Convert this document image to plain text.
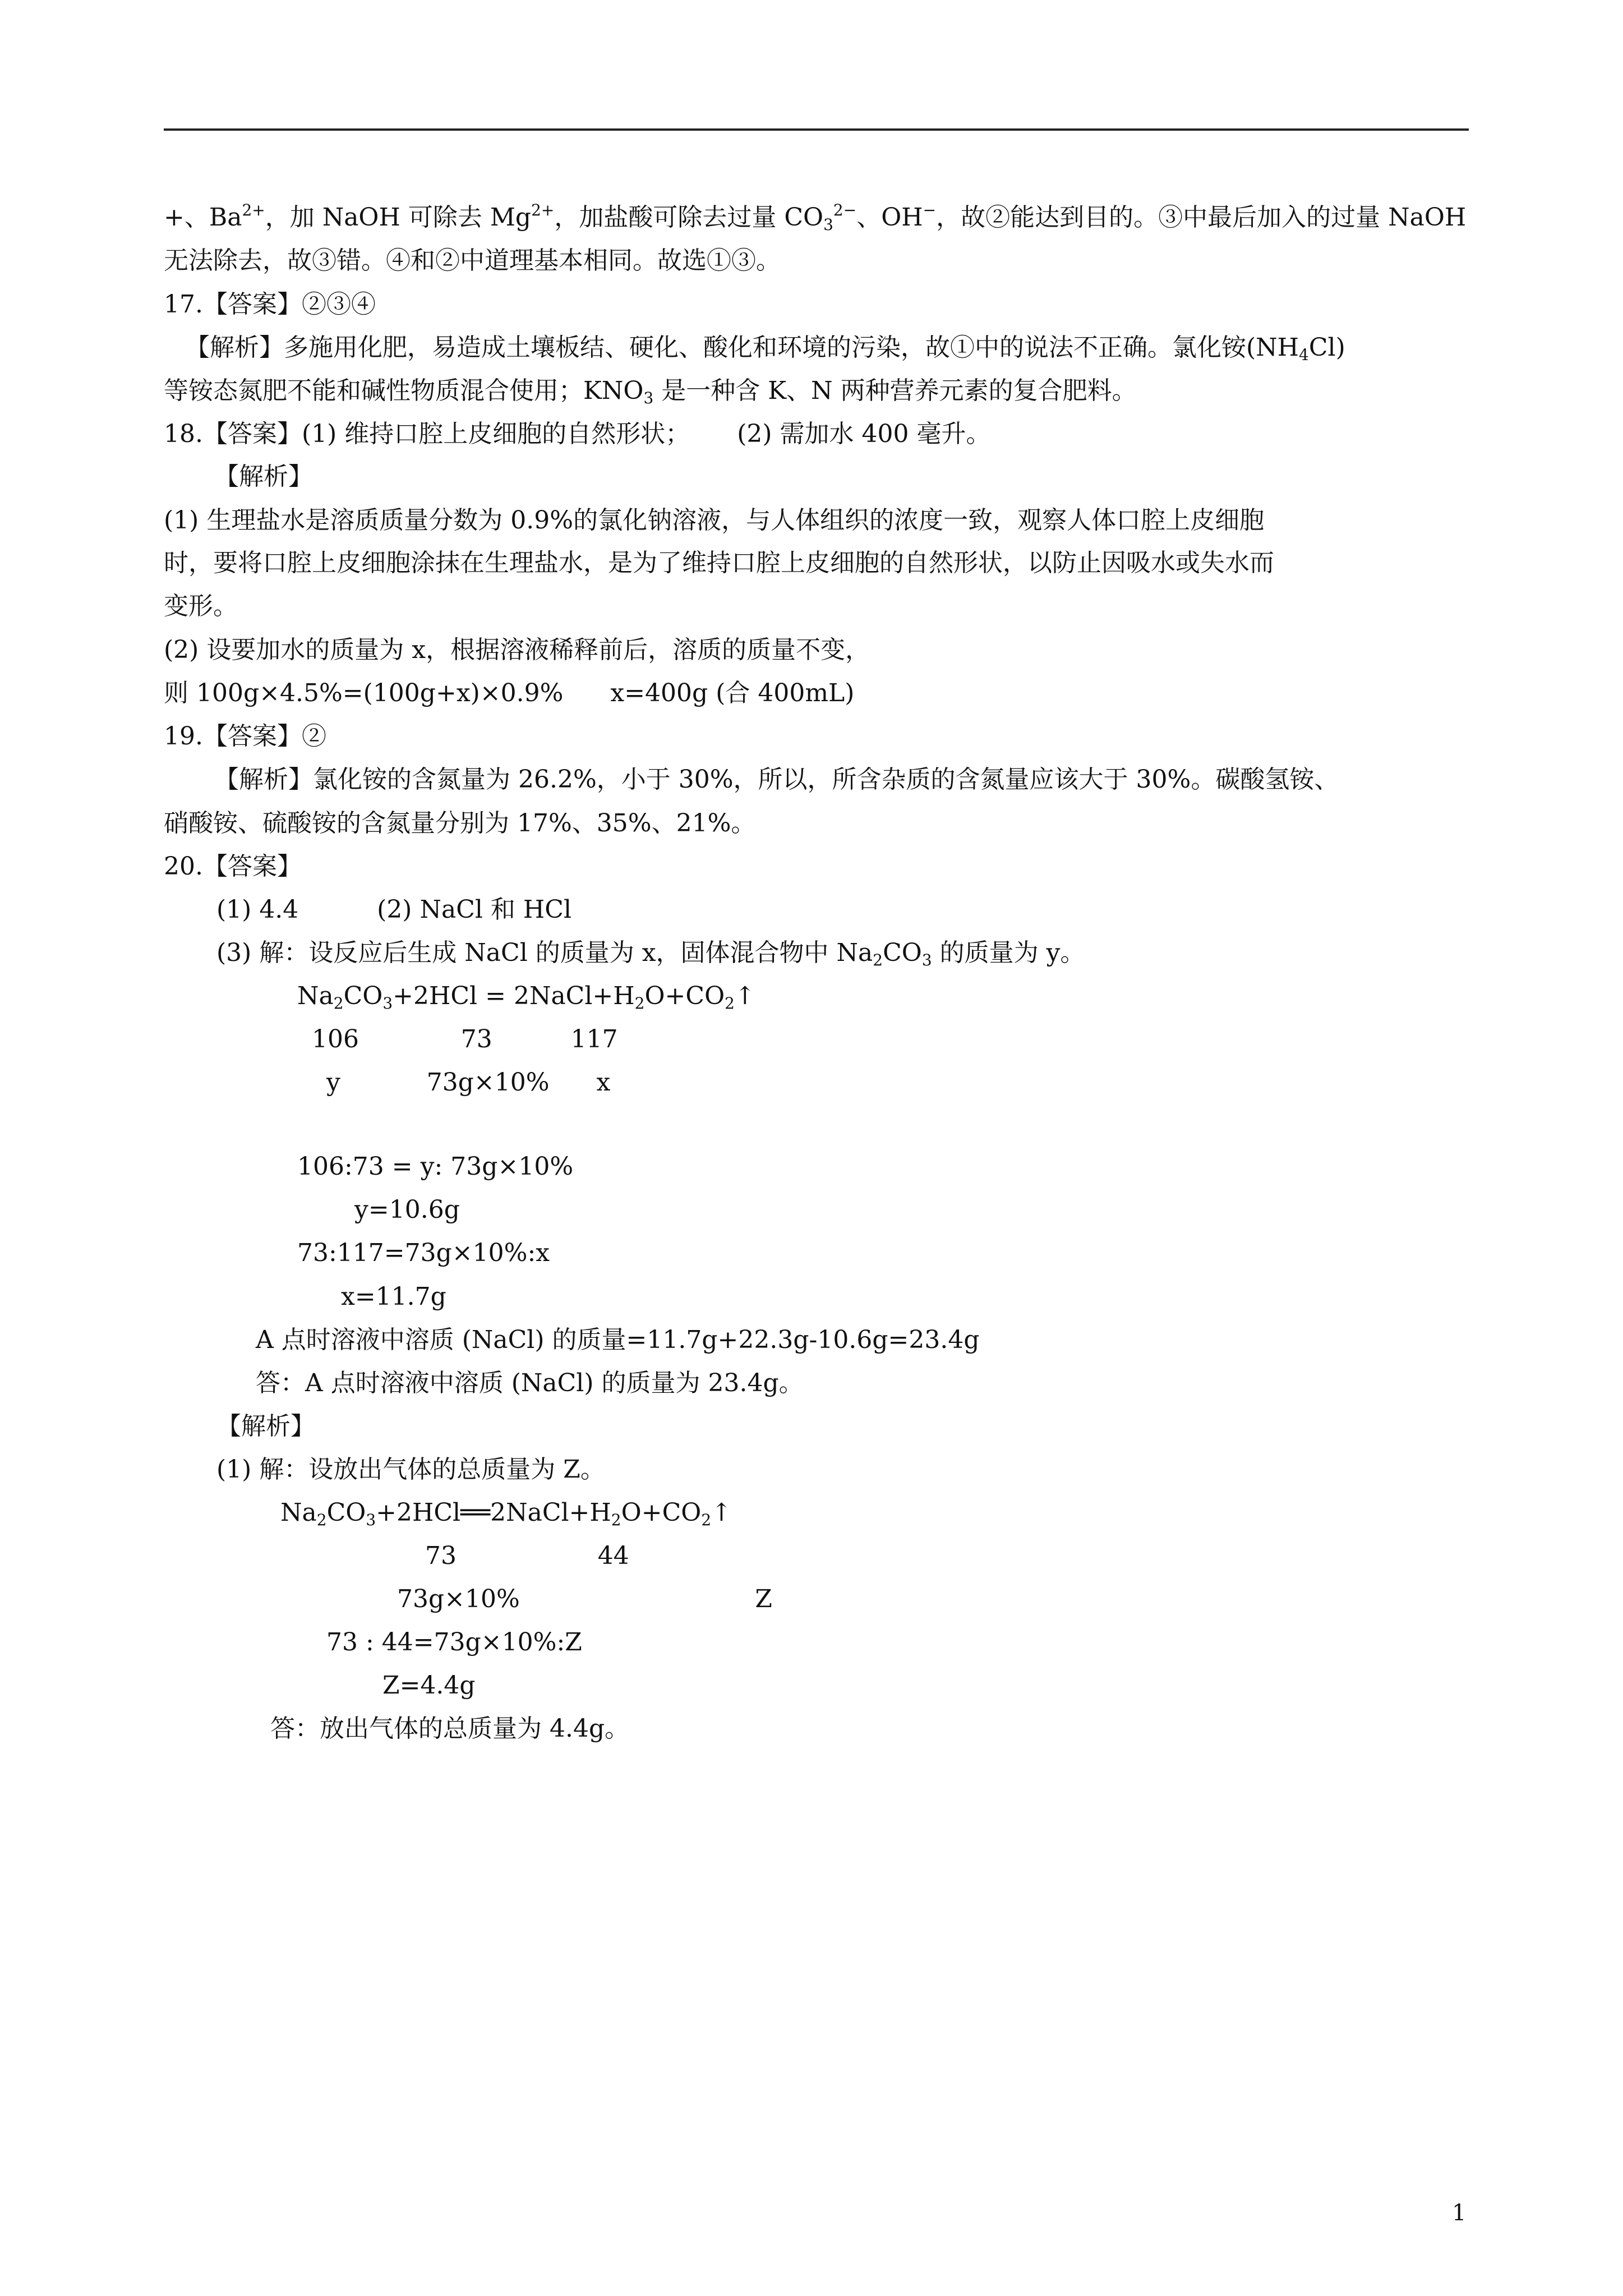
+、$Ba^{2+}$，加 NaOH 可除去 $Mg^{2+}$，加盐酸可除去过量 $CO_3^{2-}$、OH−，故②能达到目的。③中最后加入的过量 NaOH
无法除去，故③错。④和②中道理基本相同。故选①③。
17.【答案】②③④
【解析】多施用化肥，易造成土壤板结、硬化、酸化和环境的污染，故①中的说法不正确。氯化铵$(NH_4Cl)$
等铵态氮肥不能和碱性物质混合使用；$KNO_3$ 是一种含 K、N 两种营养元素的复合肥料。
18.【答案】(1) 维持口腔上皮细胞的自然形状；      (2) 需加水 400 毫升。
【解析】
(1) 生理盐水是溶质质量分数为 0.9%的氯化钠溶液，与人体组织的浓度一致，观察人体口腔上皮细胞
时，要将口腔上皮细胞涂抹在生理盐水，是为了维持口腔上皮细胞的自然形状，以防止因吸水或失水而
变形。
(2) 设要加水的质量为 x，根据溶液稀释前后，溶质的质量不变，
则 100g×4.5%=(100g+x)×0.9%      x=400g (合 400mL)
19.【答案】②
【解析】氯化铵的含氮量为 26.2%，小于 30%，所以，所含杂质的含氮量应该大于 30%。碳酸氢铵、
硝酸铵、硫酸铵的含氮量分别为 17%、35%、21%。
20.【答案】
(1) 4.4          (2) NaCl 和 HCl
(3) 解：设反应后生成 NaCl 的质量为 x，固体混合物中 $Na_2CO_3$ 的质量为 y。
$Na_2CO_3+2HCl$ = $2NaCl+H_2O+CO_2↑$
106             73          117
y           73g×10%      x
106:73 = y: 73g×10%
y=10.6g
73:117=73g×10%:x
x=11.7g
A 点时溶液中溶质 (NaCl) 的质量=11.7g+22.3g-10.6g=23.4g
答：A 点时溶液中溶质 (NaCl) 的质量为 23.4g。
【解析】
(1) 解：设放出气体的总质量为 Z。
$Na_2CO_3+2HCl══2NaCl+H_2O+CO_2↑$
73                  44
73g×10%                              Z
73 : 44=73g×10%:Z
Z=4.4g
答：放出气体的总质量为 4.4g。
1
